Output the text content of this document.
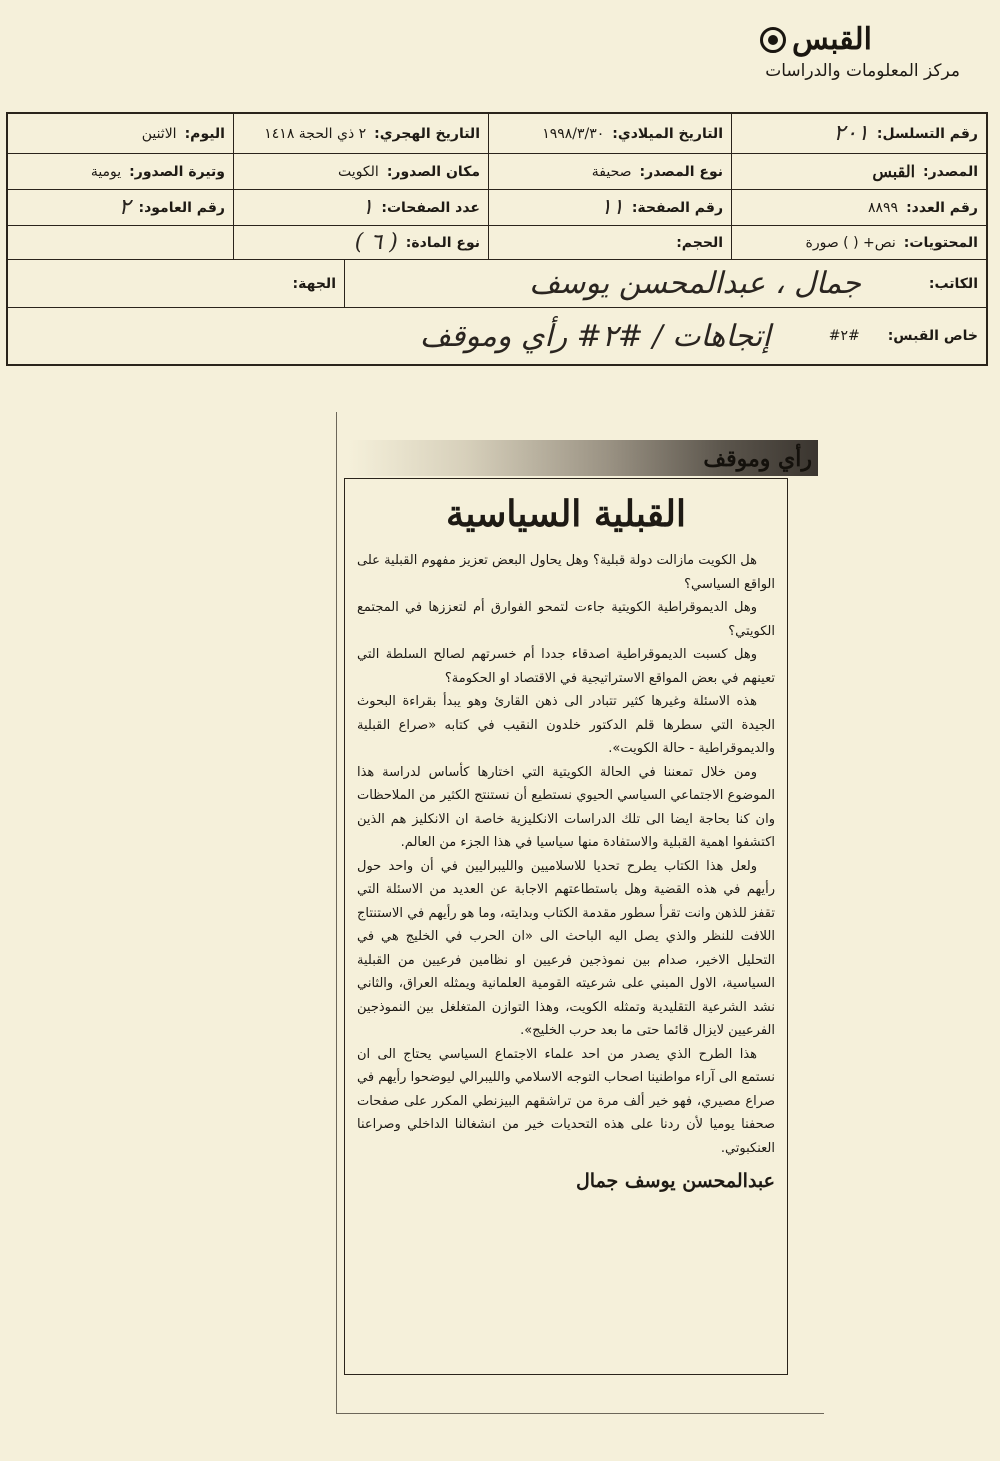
القبس
مركز المعلومات والدراسات
رقم التسلسل:
٢٠١
التاريخ الميلادي:
١٩٩٨/٣/٣٠
التاريخ الهجري:
٢ ذي الحجة ١٤١٨
اليوم:
الاثنين
المصدر:
القبس
نوع المصدر:
صحيفة
مكان الصدور:
الكويت
وتيرة الصدور:
يومية
رقم العدد:
٨٨٩٩
رقم الصفحة:
١١
عدد الصفحات:
١
رقم العامود:
٢
المحتويات:
نص+ ( ) صورة
الحجم:
نوع المادة:
( ٦ )
الكاتب:
جمال ، عبدالمحسن يوسف
الجهة:
خاص القبس:
#٢#
إتجاهات / #٢# رأي وموقف
رأي وموقف
القبلية السياسية

هل الكويت مازالت دولة قبلية؟ وهل يحاول البعض تعزيز مفهوم القبلية على الواقع السياسي؟

وهل الديموقراطية الكويتية جاءت لتمحو الفوارق أم لتعززها في المجتمع الكويتي؟

وهل كسبت الديموقراطية اصدقاء جددا أم خسرتهم لصالح السلطة التي تعينهم في بعض المواقع الاستراتيجية في الاقتصاد او الحكومة؟

هذه الاسئلة وغيرها كثير تتبادر الى ذهن القارئ وهو يبدأ بقراءة البحوث الجيدة التي سطرها قلم الدكتور خلدون النقيب في كتابه «صراع القبلية والديموقراطية - حالة الكويت».

ومن خلال تمعننا في الحالة الكويتية التي اختارها كأساس لدراسة هذا الموضوع الاجتماعي السياسي الحيوي نستطيع أن نستنتج الكثير من الملاحظات وان كنا بحاجة ايضا الى تلك الدراسات الانكليزية خاصة ان الانكليز هم الذين اكتشفوا اهمية القبلية والاستفادة منها سياسيا في هذا الجزء من العالم.

ولعل هذا الكتاب يطرح تحديا للاسلاميين والليبراليين في أن واحد حول رأيهم في هذه القضية وهل باستطاعتهم الاجابة عن العديد من الاسئلة التي تقفز للذهن وانت تقرأ سطور مقدمة الكتاب وبدايته، وما هو رأيهم في الاستنتاج اللافت للنظر والذي يصل اليه الباحث الى «ان الحرب في الخليج هي في التحليل الاخير، صدام بين نموذجين فرعيين او نظامين فرعيين من القبلية السياسية، الاول المبني على شرعيته القومية العلمانية ويمثله العراق، والثاني نشد الشرعية التقليدية وتمثله الكويت، وهذا التوازن المتغلغل بين النموذجين الفرعيين لايزال قائما حتى ما بعد حرب الخليج».

هذا الطرح الذي يصدر من احد علماء الاجتماع السياسي يحتاج الى ان نستمع الى آراء مواطنينا اصحاب التوجه الاسلامي والليبرالي ليوضحوا رأيهم في صراع مصيري، فهو خير ألف مرة من تراشقهم البيزنطي المكرر على صفحات صحفنا يوميا لأن ردنا على هذه التحديات خير من انشغالنا الداخلي وصراعنا العنكبوتي.

عبدالمحسن يوسف جمال
